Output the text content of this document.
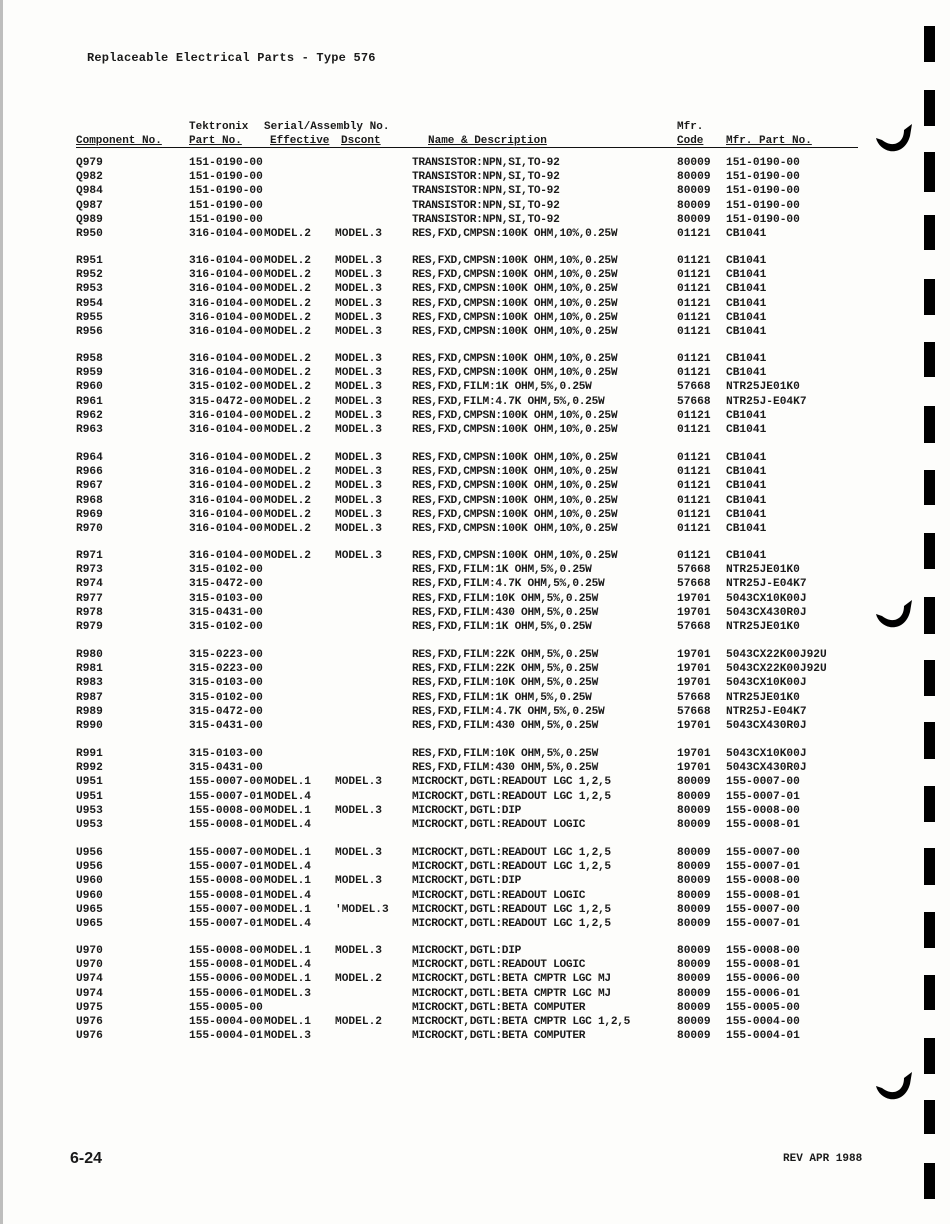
Replaceable Electrical Parts - Type 576
Tektronix Serial/Assembly No.	Mfr.
Component No. Part No.	Effective Dscont	Name & Description	Code Mfr. Part No.
Q979	151-0190-00	TRANSISTOR:NPN,SI,TO-92	80009 151-0190-00
Q982	151-0190-00	TRANSISTOR:NPN,SI,TO-92	80009 151-0190-00
Q984	151-0190-00	TRANSISTOR:NPN,SI,TO-92	80009 151-0190-00
Q987	151-0190-00	TRANSISTOR:NPN,SI,TO-92	80009 151-0190-00
Q989	151-0190-00	TRANSISTOR:NPN,SI,TO-92	80009 151-0190-00
R950	316-0104-00 MODEL.2 MODEL.3	RES,FXD,CMPSN:100K OHM,10%,0.25W	01121 CB1041
R951	316-0104-00 MODEL.2 MODEL.3	RES,FXD,CMPSN:100K OHM,10%,0.25W	01121 CB1041
R952	316-0104-00 MODEL.2 MODEL.3	RES,FXD,CMPSN:100K OHM,10%,0.25W	01121 CB1041
R953	316-0104-00 MODEL.2 MODEL.3	RES,FXD,CMPSN:100K OHM,10%,0.25W	01121 CB1041
R954	316-0104-00 MODEL.2 MODEL.3	RES,FXD,CMPSN:100K OHM,10%,0.25W	01121 CB1041
R955	316-0104-00 MODEL.2 MODEL.3	RES,FXD,CMPSN:100K OHM,10%,0.25W	01121 CB1041
R956	316-0104-00 MODEL.2 MODEL.3	RES,FXD,CMPSN:100K OHM,10%,0.25W	01121 CB1041
R958	316-0104-00 MODEL.2 MODEL.3	RES,FXD,CMPSN:100K OHM,10%,0.25W	01121 CB1041
R959	316-0104-00 MODEL.2 MODEL.3	RES,FXD,CMPSN:100K OHM,10%,0.25W	01121 CB1041
R960	315-0102-00 MODEL.2 MODEL.3	RES,FXD,FILM:1K OHM,5%,0.25W	57668 NTR25JE01K0
R961	315-0472-00 MODEL.2 MODEL.3	RES,FXD,FILM:4.7K OHM,5%,0.25W	57668 NTR25J-E04K7
R962	316-0104-00 MODEL.2 MODEL.3	RES,FXD,CMPSN:100K OHM,10%,0.25W	01121 CB1041
R963	316-0104-00 MODEL.2 MODEL.3	RES,FXD,CMPSN:100K OHM,10%,0.25W	01121 CB1041
R964	316-0104-00 MODEL.2 MODEL.3	RES,FXD,CMPSN:100K OHM,10%,0.25W	01121 CB1041
R966	316-0104-00 MODEL.2 MODEL.3	RES,FXD,CMPSN:100K OHM,10%,0.25W	01121 CB1041
R967	316-0104-00 MODEL.2 MODEL.3	RES,FXD,CMPSN:100K OHM,10%,0.25W	01121 CB1041
R968	316-0104-00 MODEL.2 MODEL.3	RES,FXD,CMPSN:100K OHM,10%,0.25W	01121 CB1041
R969	316-0104-00 MODEL.2 MODEL.3	RES,FXD,CMPSN:100K OHM,10%,0.25W	01121 CB1041
R970	316-0104-00 MODEL.2 MODEL.3	RES,FXD,CMPSN:100K OHM,10%,0.25W	01121 CB1041
R971	316-0104-00 MODEL.2 MODEL.3	RES,FXD,CMPSN:100K OHM,10%,0.25W	01121 CB1041
R973	315-0102-00	RES,FXD,FILM:1K OHM,5%,0.25W	57668 NTR25JE01K0
R974	315-0472-00	RES,FXD,FILM:4.7K OHM,5%,0.25W	57668 NTR25J-E04K7
R977	315-0103-00	RES,FXD,FILM:10K OHM,5%,0.25W	19701 5043CX10K00J
R978	315-0431-00	RES,FXD,FILM:430 OHM,5%,0.25W	19701 5043CX430R0J
R979	315-0102-00	RES,FXD,FILM:1K OHM,5%,0.25W	57668 NTR25JE01K0
R980	315-0223-00	RES,FXD,FILM:22K OHM,5%,0.25W	19701 5043CX22K00J92U
R981	315-0223-00	RES,FXD,FILM:22K OHM,5%,0.25W	19701 5043CX22K00J92U
R983	315-0103-00	RES,FXD,FILM:10K OHM,5%,0.25W	19701 5043CX10K00J
R987	315-0102-00	RES,FXD,FILM:1K OHM,5%,0.25W	57668 NTR25JE01K0
R989	315-0472-00	RES,FXD,FILM:4.7K OHM,5%,0.25W	57668 NTR25J-E04K7
R990	315-0431-00	RES,FXD,FILM:430 OHM,5%,0.25W	19701 5043CX430R0J
R991	315-0103-00	RES,FXD,FILM:10K OHM,5%,0.25W	19701 5043CX10K00J
R992	315-0431-00	RES,FXD,FILM:430 OHM,5%,0.25W	19701 5043CX430R0J
U951	155-0007-00 MODEL.1 MODEL.3	MICROCKT,DGTL:READOUT LGC 1,2,5	80009 155-0007-00
U951	155-0007-01 MODEL.4	MICROCKT,DGTL:READOUT LGC 1,2,5	80009 155-0007-01
U953	155-0008-00 MODEL.1 MODEL.3	MICROCKT,DGTL:DIP	80009 155-0008-00
U953	155-0008-01 MODEL.4	MICROCKT,DGTL:READOUT LOGIC	80009 155-0008-01
U956	155-0007-00 MODEL.1 MODEL.3	MICROCKT,DGTL:READOUT LGC 1,2,5	80009 155-0007-00
U956	155-0007-01 MODEL.4	MICROCKT,DGTL:READOUT LGC 1,2,5	80009 155-0007-01
U960	155-0008-00 MODEL.1 MODEL.3	MICROCKT,DGTL:DIP	80009 155-0008-00
U960	155-0008-01 MODEL.4	MICROCKT,DGTL:READOUT LOGIC	80009 155-0008-01
U965	155-0007-00 MODEL.1 'MODEL.3 MICROCKT,DGTL:READOUT LGC 1,2,5	80009 155-0007-00
U965	155-0007-01 MODEL.4	MICROCKT,DGTL:READOUT LGC 1,2,5	80009 155-0007-01
U970	155-0008-00 MODEL.1 MODEL.3	MICROCKT,DGTL:DIP	80009 155-0008-00
U970	155-0008-01 MODEL.4	MICROCKT,DGTL:READOUT LOGIC	80009 155-0008-01
U974	155-0006-00 MODEL.1 MODEL.2	MICROCKT,DGTL:BETA CMPTR LGC MJ	80009 155-0006-00
U974	155-0006-01 MODEL.3	MICROCKT,DGTL:BETA CMPTR LGC MJ	80009 155-0006-01
U975	155-0005-00	MICROCKT,DGTL:BETA COMPUTER	80009 155-0005-00
U976	155-0004-00 MODEL.1 MODEL.2	MICROCKT,DGTL:BETA CMPTR LGC 1,2,5	80009 155-0004-00
U976	155-0004-01 MODEL.3	MICROCKT,DGTL:BETA COMPUTER	80009 155-0004-01
6-24	REV APR 1988
